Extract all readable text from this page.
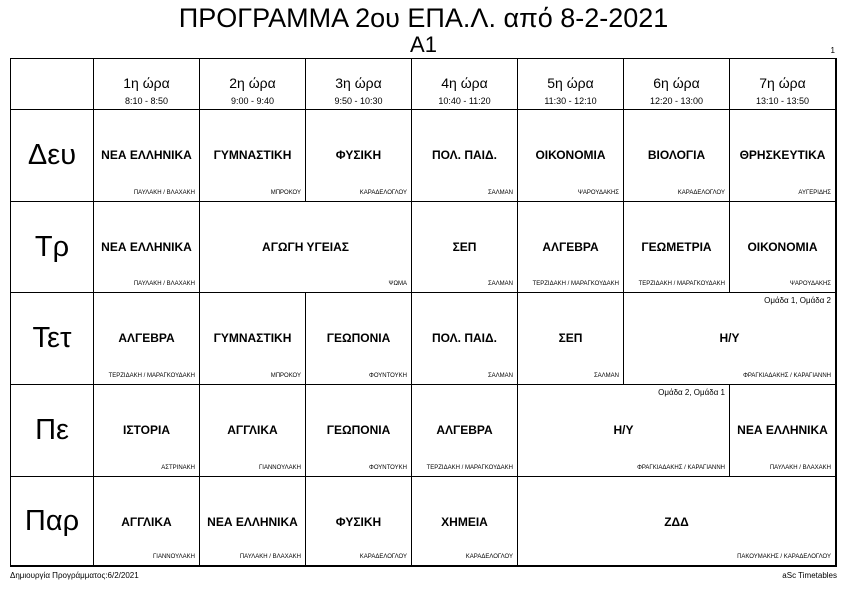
ΠΡΟΓΡΑΜΜΑ 2ου ΕΠΑ.Λ. από 8-2-2021
Α1	1
1η ώρα
8:10 - 8:50
2η ώρα
9:00 - 9:40
3η ώρα
9:50 - 10:30
4η ώρα
10:40 - 11:20
5η ώρα
11:30 - 12:10
6η ώρα
12:20 - 13:00
7η ώρα
13:10 - 13:50
Δευ
Τρ
Τετ
Πε
Παρ
ΝΕΑ ΕΛΛΗΝΙΚΑ
ΠΑΥΛΑΚΗ / ΒΛΑΧΑΚΗ
ΓΥΜΝΑΣΤΙΚΗ
ΜΠΡΟΚΟΥ
ΦΥΣΙΚΗ
ΚΑΡΑΔΕΛΟΓΛΟΥ
ΠΟΛ. ΠΑΙΔ.
ΣΑΛΜΑΝ
ΟΙΚΟΝΟΜΙΑ
ΨΑΡΟΥΔΑΚΗΣ
ΒΙΟΛΟΓΙΑ
ΚΑΡΑΔΕΛΟΓΛΟΥ
ΘΡΗΣΚΕΥΤΙΚΑ
ΑΥΓΕΡΙΔΗΣ
ΝΕΑ ΕΛΛΗΝΙΚΑ
ΠΑΥΛΑΚΗ / ΒΛΑΧΑΚΗ
ΑΓΩΓΗ ΥΓΕΙΑΣ
ΨΩΜΑ
ΣΕΠ
ΣΑΛΜΑΝ
ΑΛΓΕΒΡΑ
ΤΕΡΖΙΔΑΚΗ / ΜΑΡΑΓΚΟΥΔΑΚΗ
ΓΕΩΜΕΤΡΙΑ
ΤΕΡΖΙΔΑΚΗ / ΜΑΡΑΓΚΟΥΔΑΚΗ
ΟΙΚΟΝΟΜΙΑ
ΨΑΡΟΥΔΑΚΗΣ
ΑΛΓΕΒΡΑ
ΤΕΡΖΙΔΑΚΗ / ΜΑΡΑΓΚΟΥΔΑΚΗ
ΓΥΜΝΑΣΤΙΚΗ
ΜΠΡΟΚΟΥ
ΓΕΩΠΟΝΙΑ
ΦΟΥΝΤΟΥΚΗ
ΠΟΛ. ΠΑΙΔ.
ΣΑΛΜΑΝ
ΣΕΠ
ΣΑΛΜΑΝ
Ομάδα 1, Ομάδα 2
Η/Υ
ΦΡΑΓΚΙΑΔΑΚΗΣ / ΚΑΡΑΓΙΑΝΝΗ
ΙΣΤΟΡΙΑ
ΑΣΤΡΙΝΑΚΗ
ΑΓΓΛΙΚΑ
ΓΙΑΝΝΟΥΛΑΚΗ
ΓΕΩΠΟΝΙΑ
ΦΟΥΝΤΟΥΚΗ
ΑΛΓΕΒΡΑ
ΤΕΡΖΙΔΑΚΗ / ΜΑΡΑΓΚΟΥΔΑΚΗ
Ομάδα 2, Ομάδα 1
Η/Υ
ΦΡΑΓΚΙΑΔΑΚΗΣ / ΚΑΡΑΓΙΑΝΝΗ
ΝΕΑ ΕΛΛΗΝΙΚΑ
ΠΑΥΛΑΚΗ / ΒΛΑΧΑΚΗ
ΑΓΓΛΙΚΑ
ΓΙΑΝΝΟΥΛΑΚΗ
ΝΕΑ ΕΛΛΗΝΙΚΑ
ΠΑΥΛΑΚΗ / ΒΛΑΧΑΚΗ
ΦΥΣΙΚΗ
ΚΑΡΑΔΕΛΟΓΛΟΥ
ΧΗΜΕΙΑ
ΚΑΡΑΔΕΛΟΓΛΟΥ
ΖΔΔ
ΠΑΚΟΥΜΑΚΗΣ / ΚΑΡΑΔΕΛΟΓΛΟΥ
Δημιουργία Προγράμματος:6/2/2021	aSc Timetables
